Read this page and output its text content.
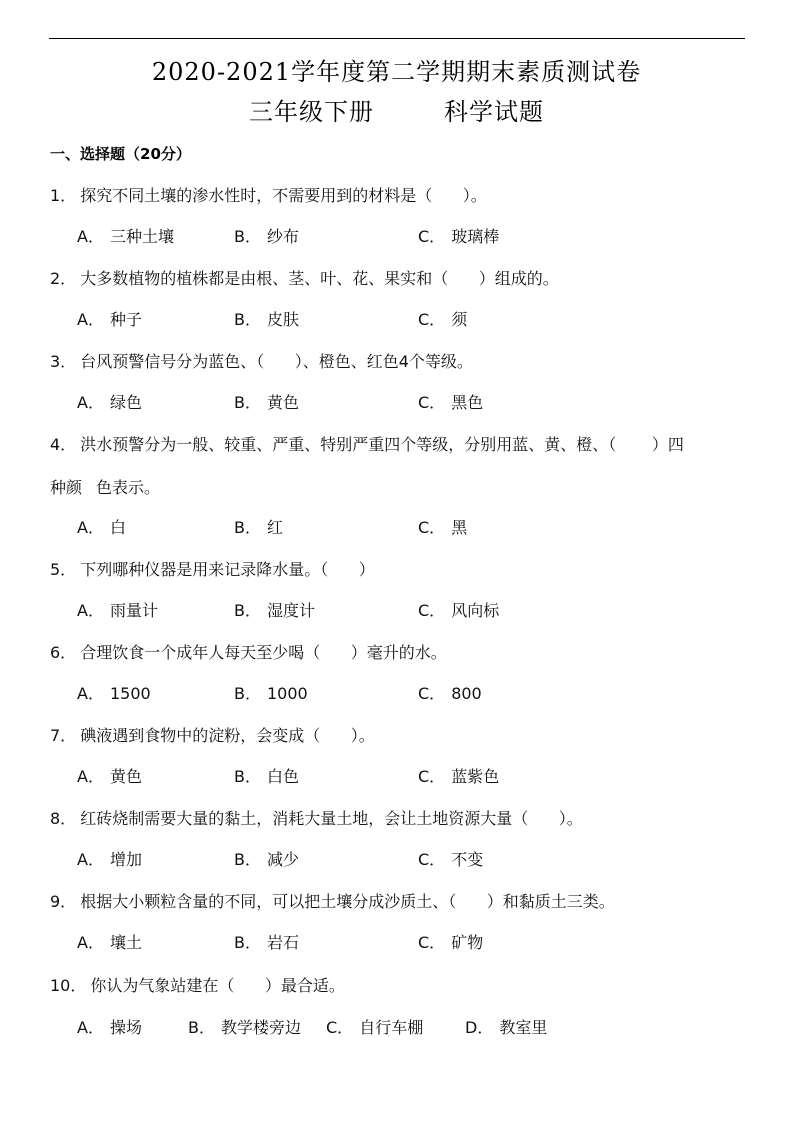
2020-2021学年度第二学期期末素质测试卷
三年级下册	科学试题
一、选择题（20分）
1． 探究不同土壤的渗水性时，不需要用到的材料是（ ）。
A． 三种土壤	B． 纱布	C． 玻璃棒
2． 大多数植物的植株都是由根、茎、叶、花、果实和（ ）组成的。
A． 种子	B． 皮肤	C． 须
3． 台风预警信号分为蓝色、（ ）、橙色、红色4个等级。
A． 绿色	B． 黄色	C． 黑色
4． 洪水预警分为一般、较重、严重、特别严重四个等级，分别用蓝、黄、橙、（ ）四
种颜 色表示。
A． 白	B． 红	C． 黑
5． 下列哪种仪器是用来记录降水量。（ ）
A． 雨量计	B． 湿度计	C． 风向标
6． 合理饮食一个成年人每天至少喝（ ）毫升的水。
A． 1500	B． 1000	C． 800
7． 碘液遇到食物中的淀粉，会变成（ ）。
A． 黄色	B． 白色	C． 蓝紫色
8． 红砖烧制需要大量的黏土，消耗大量土地，会让土地资源大量（ ）。
A． 增加	B． 减少	C． 不变
9． 根据大小颗粒含量的不同，可以把土壤分成沙质土、（ ）和黏质土三类。
A． 壤土	B． 岩石	C． 矿物
10． 你认为气象站建在（ ）最合适。
A． 操场	B． 教学楼旁边 C． 自行车棚	D． 教室里
